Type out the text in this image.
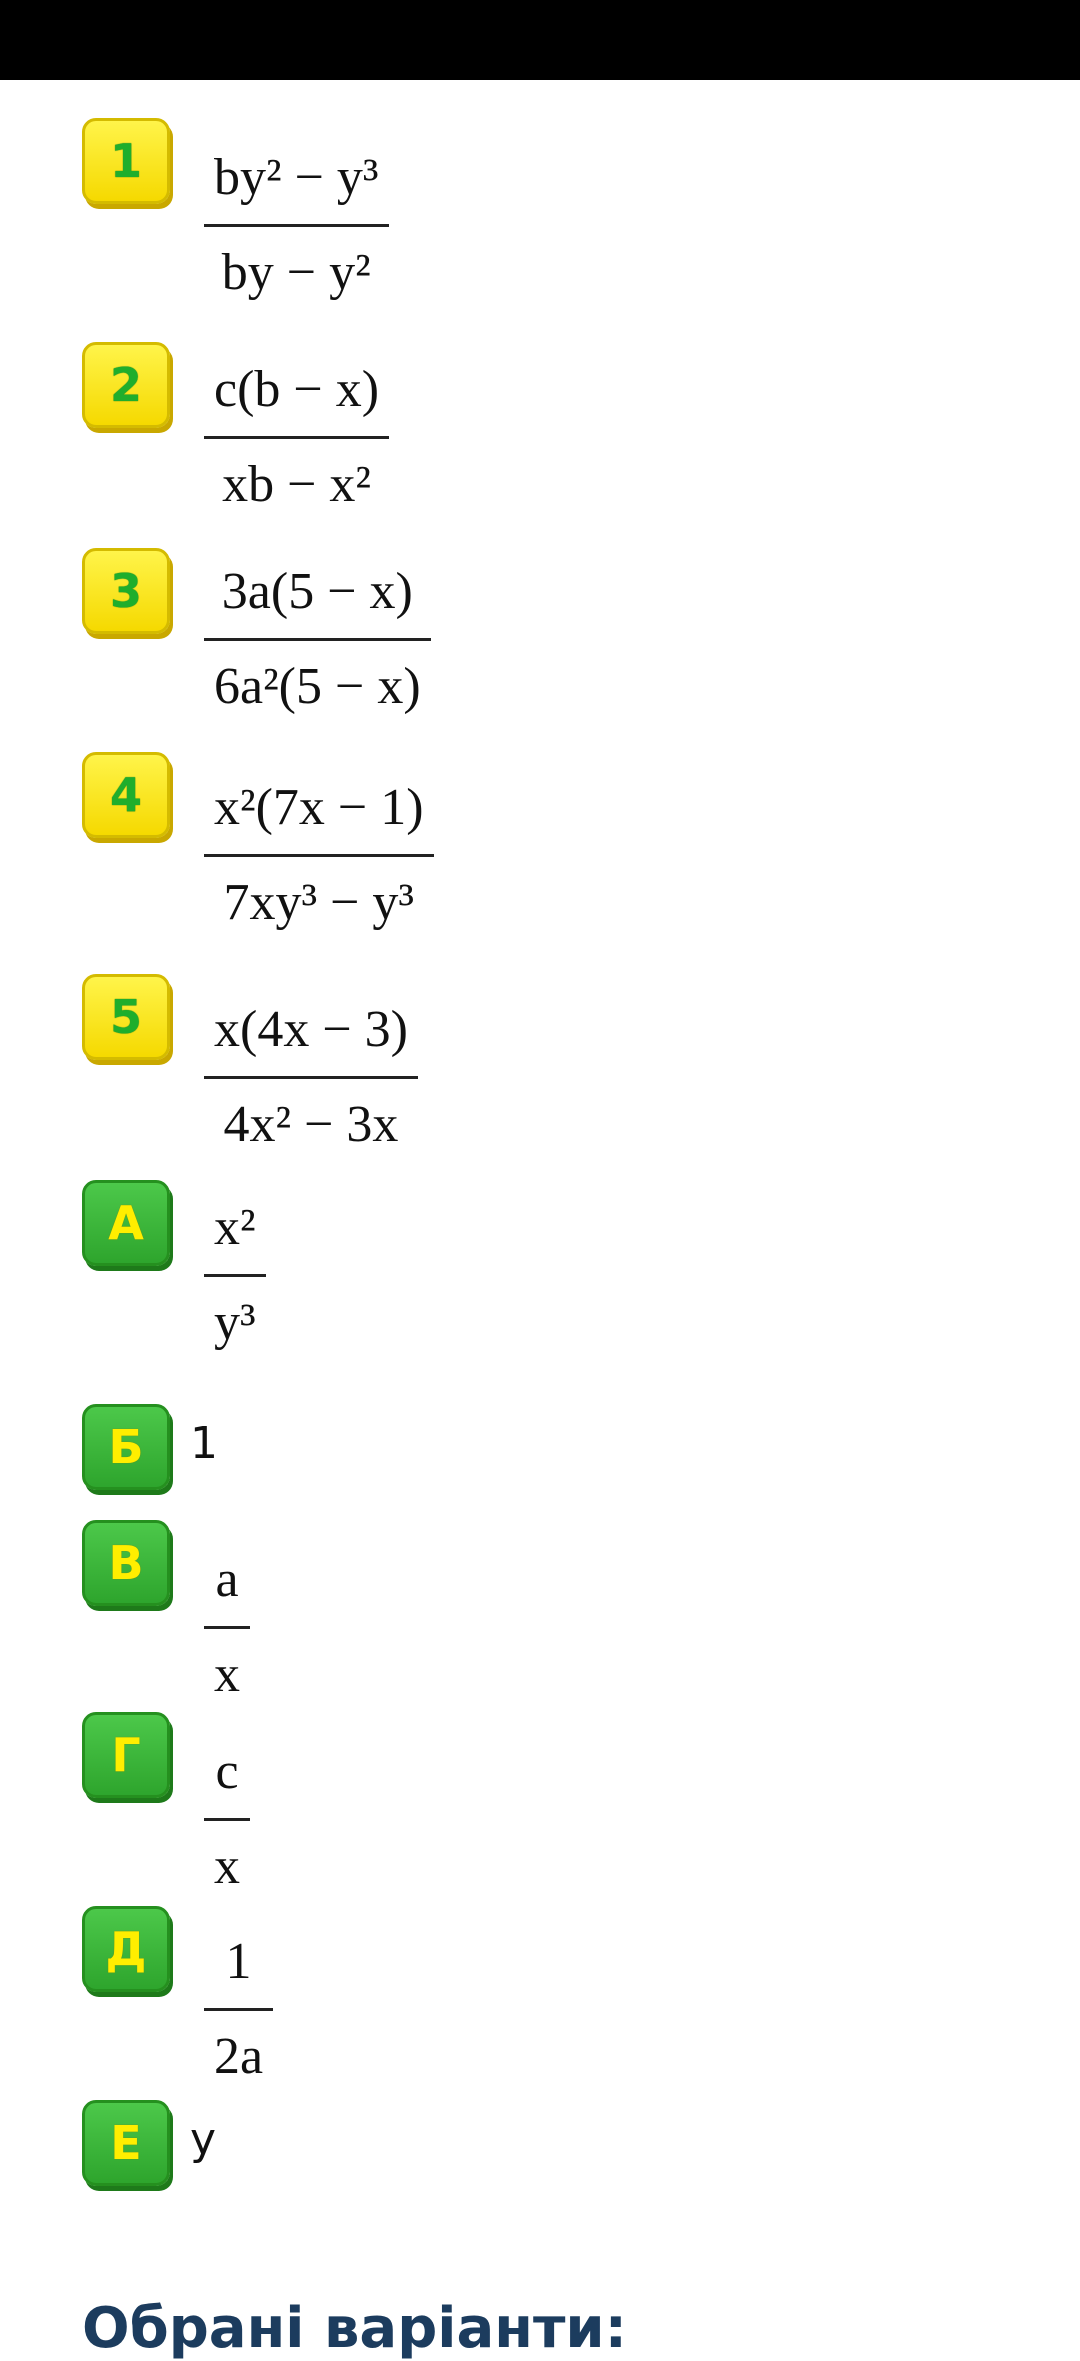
1	by² − y³
by − y²
2	c(b − x)
xb − x²
3	3a(5 − x)
6a²(5 − x)
4	x²(7x − 1)
7xy³ − y³
5	x(4x − 3)
4x² − 3x
А	x²
y³
Б	1
В	a
x
Г	c
x
Д	1
2a
Е	y
Обрані варіанти:
